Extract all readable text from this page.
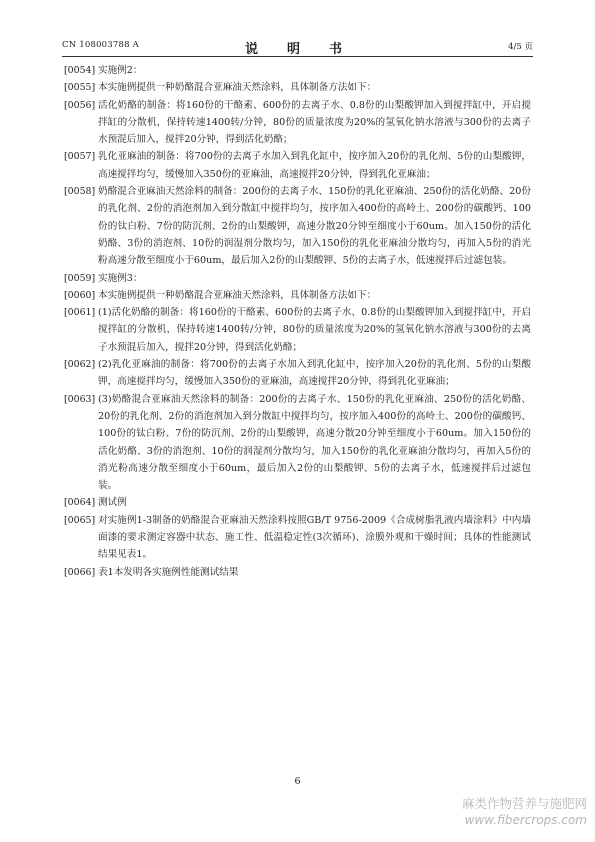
CN 108003788 A	说　明　书	4/5 页
[0054] 实施例2：
[0055] 本实施例提供一种奶酪混合亚麻油天然涂料，具体制备方法如下：
[0056] 活化奶酪的制备：将160份的干酪素、600份的去离子水、0.8份的山梨酸钾加入到搅拌缸中，开启搅拌缸的分散机，保持转速1400转/分钟，80份的质量浓度为20%的氢氧化钠水溶液与300份的去离子水预混后加入，搅拌20分钟，得到活化奶酪；
[0057] 乳化亚麻油的制备：将700份的去离子水加入到乳化缸中，按序加入20份的乳化剂、5份的山梨酸钾，高速搅拌均匀，缓慢加入350份的亚麻油，高速搅拌20分钟，得到乳化亚麻油；
[0058] 奶酪混合亚麻油天然涂料的制备：200份的去离子水、150份的乳化亚麻油、250份的活化奶酪、20份的乳化剂、2份的消泡剂加入到分散缸中搅拌均匀，按序加入400份的高岭土、200份的碳酸钙、100份的钛白粉、7份的防沉剂、2份的山梨酸钾，高速分散20分钟至细度小于60um。加入150份的活化奶酪、3份的消泡剂、10份的润湿剂分散均匀，加入150份的乳化亚麻油分散均匀，再加入5份的消光粉高速分散至细度小于60um，最后加入2份的山梨酸钾、5份的去离子水，低速搅拌后过滤包装。
[0059] 实施例3：
[0060] 本实施例提供一种奶酪混合亚麻油天然涂料，具体制备方法如下：
[0061] (1)活化奶酪的制备：将160份的干酪素、600份的去离子水、0.8份的山梨酸钾加入到搅拌缸中，开启搅拌缸的分散机，保持转速1400转/分钟，80份的质量浓度为20%的氢氧化钠水溶液与300份的去离子水预混后加入，搅拌20分钟，得到活化奶酪；
[0062] (2)乳化亚麻油的制备：将700份的去离子水加入到乳化缸中，按序加入20份的乳化剂、5份的山梨酸钾，高速搅拌均匀，缓慢加入350份的亚麻油，高速搅拌20分钟，得到乳化亚麻油；
[0063] (3)奶酪混合亚麻油天然涂料的制备：200份的去离子水、150份的乳化亚麻油、250份的活化奶酪、20份的乳化剂、2份的消泡剂加入到分散缸中搅拌均匀，按序加入400份的高岭土、200份的碳酸钙、100份的钛白粉、7份的防沉剂、2份的山梨酸钾，高速分散20分钟至细度小于60um。加入150份的活化奶酪、3份的消泡剂、10份的润湿剂分散均匀，加入150份的乳化亚麻油分散均匀，再加入5份的消光粉高速分散至细度小于60um，最后加入2份的山梨酸钾、5份的去离子水，低速搅拌后过滤包装。
[0064] 测试例
[0065] 对实施例1-3制备的奶酪混合亚麻油天然涂料按照GB/T 9756-2009《合成树脂乳液内墙涂料》中内墙面漆的要求测定容器中状态、施工性、低温稳定性(3次循环)、涂膜外观和干燥时间；具体的性能测试结果见表1。
[0066] 表1本发明各实施例性能测试结果
6
麻类作物营养与施肥网
www.fibercrops.com
